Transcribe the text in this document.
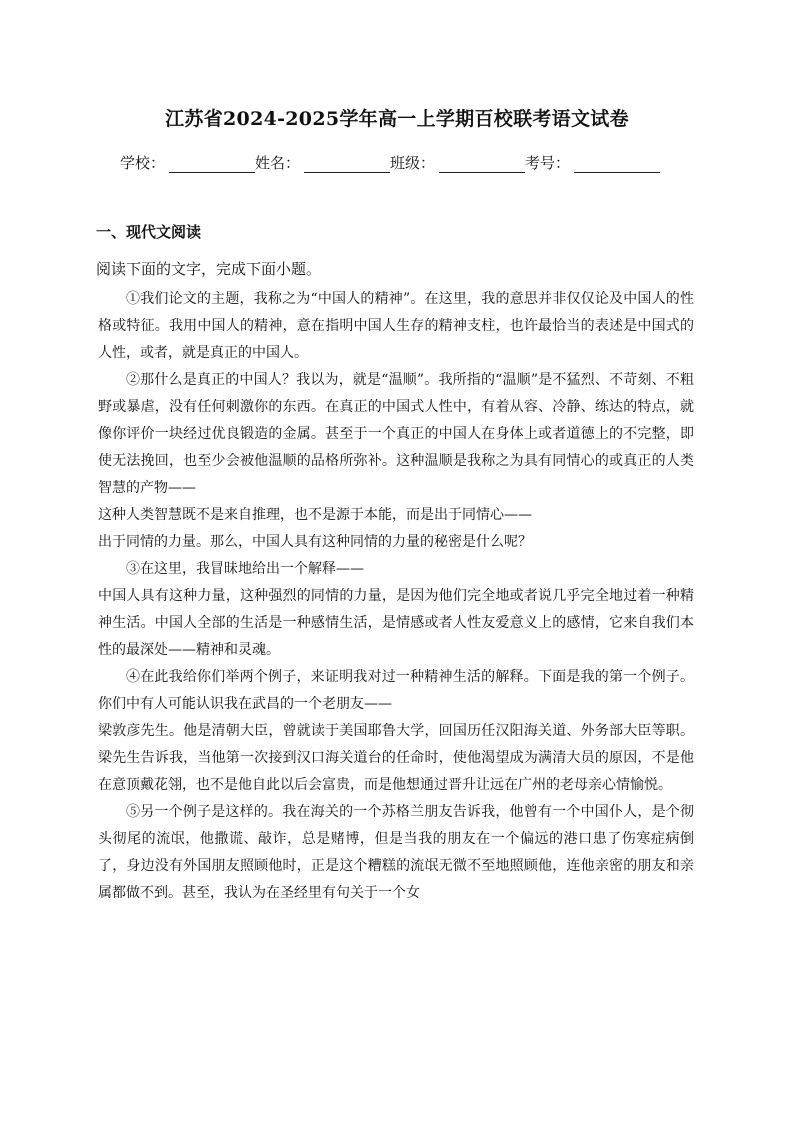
江苏省2024-2025学年高一上学期百校联考语文试卷
学校：	姓名：	班级：	考号：
一、现代文阅读

阅读下面的文字，完成下面小题。

①我们论文的主题，我称之为“中国人的精神”。在这里，我的意思并非仅仅论及中国人的性格或特征。我用中国人的精神，意在指明中国人生存的精神支柱，也许最恰当的表述是中国式的人性，或者，就是真正的中国人。

②那什么是真正的中国人？我以为，就是“温顺”。我所指的“温顺”是不猛烈、不苛刻、不粗野或暴虐，没有任何刺激你的东西。在真正的中国式人性中，有着从容、冷静、练达的特点，就像你评价一块经过优良锻造的金属。甚至于一个真正的中国人在身体上或者道德上的不完整，即使无法挽回，也至少会被他温顺的品格所弥补。这种温顺是我称之为具有同情心的或真正的人类智慧的产物——

这种人类智慧既不是来自推理，也不是源于本能，而是出于同情心——

出于同情的力量。那么，中国人具有这种同情的力量的秘密是什么呢？

③在这里，我冒昧地给出一个解释——

中国人具有这种力量，这种强烈的同情的力量，是因为他们完全地或者说几乎完全地过着一种精神生活。中国人全部的生活是一种感情生活，是情感或者人性友爱意义上的感情，它来自我们本性的最深处——精神和灵魂。

④在此我给你们举两个例子，来证明我对过一种精神生活的解释。下面是我的第一个例子。你们中有人可能认识我在武昌的一个老朋友——

梁敦彦先生。他是清朝大臣，曾就读于美国耶鲁大学，回国历任汉阳海关道、外务部大臣等职。梁先生告诉我，当他第一次接到汉口海关道台的任命时，使他渴望成为满清大员的原因，不是他在意顶戴花翎，也不是他自此以后会富贵，而是他想通过晋升让远在广州的老母亲心情愉悦。

⑤另一个例子是这样的。我在海关的一个苏格兰朋友告诉我，他曾有一个中国仆人，是个彻头彻尾的流氓，他撒谎、敲诈，总是赌博，但是当我的朋友在一个偏远的港口患了伤寒症病倒了，身边没有外国朋友照顾他时，正是这个糟糕的流氓无微不至地照顾他，连他亲密的朋友和亲属都做不到。甚至，我认为在圣经里有句关于一个女
